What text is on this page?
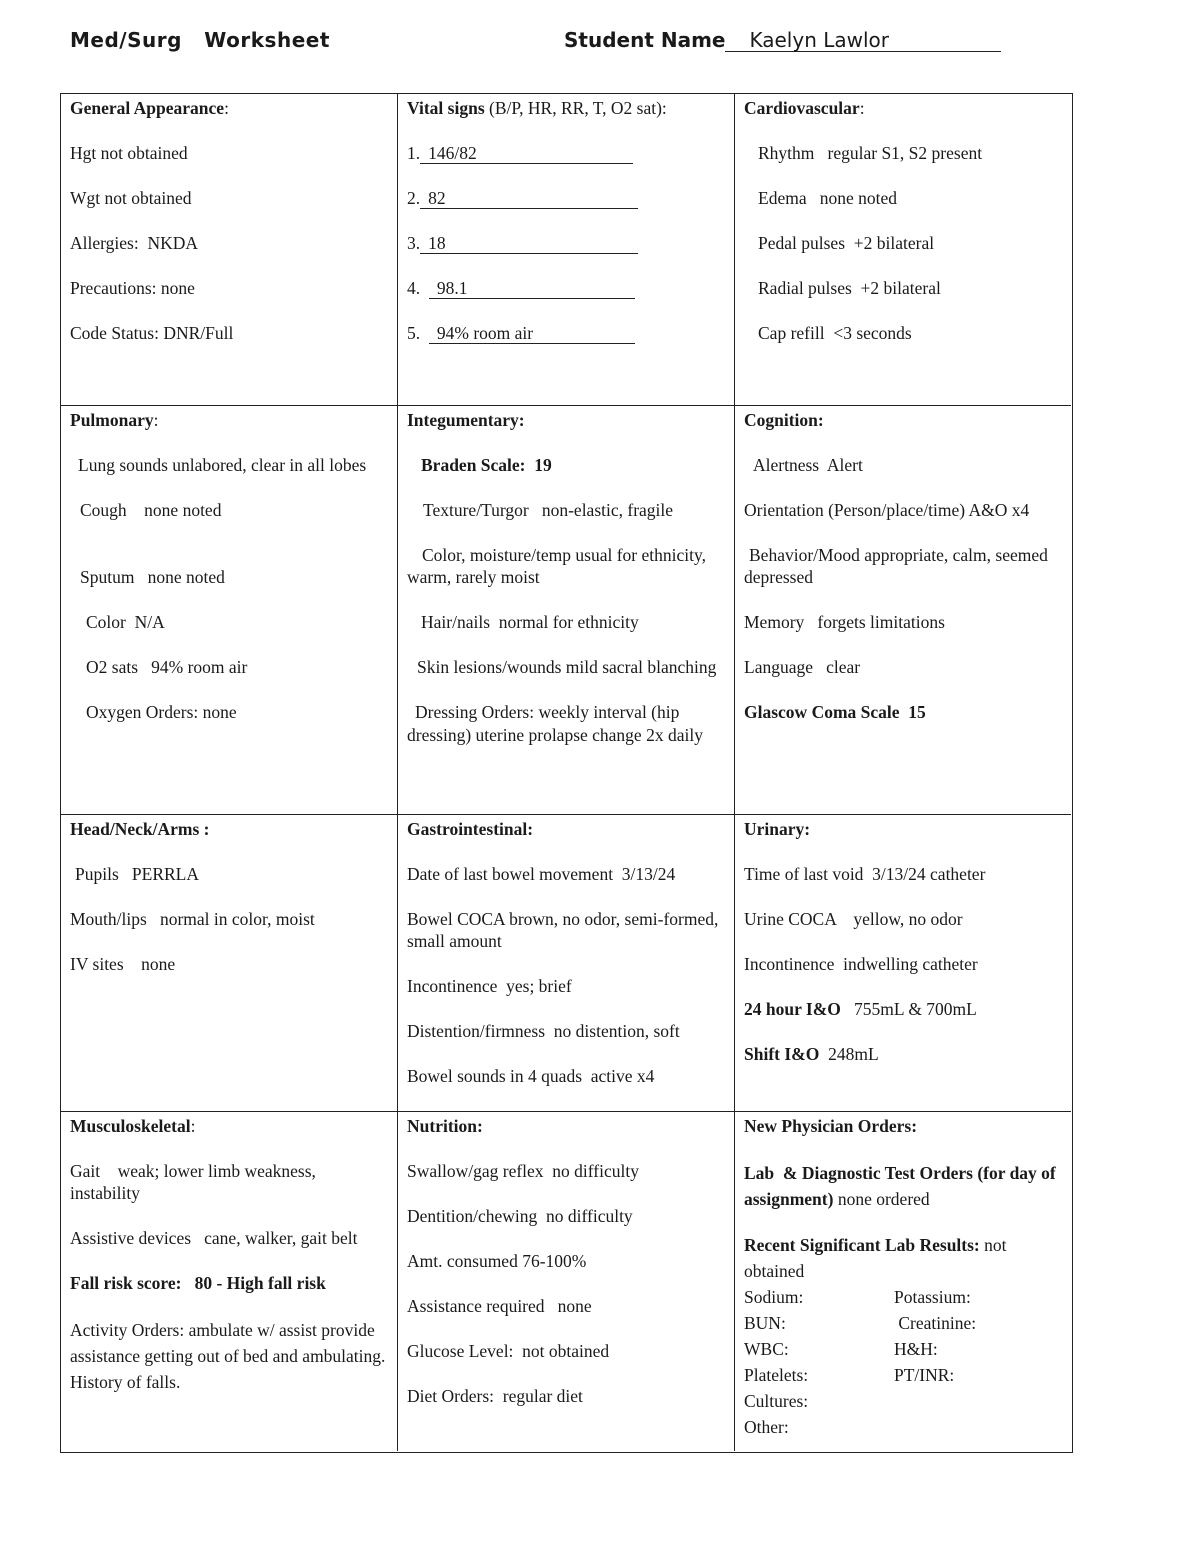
Med/Surg   Worksheet	Student Name Kaelyn Lawlor

General Appearance:

Hgt not obtained

Wgt not obtained

Allergies:  NKDA

Precautions: none

Code Status: DNR/Full

Vital signs (B/P, HR, RR, T, O2 sat):

1. 146/82

2. 82

3. 18

4. 98.1

5. 94% room air

Cardiovascular:

Rhythm   regular S1, S2 present

Edema   none noted

Pedal pulses  +2 bilateral

Radial pulses  +2 bilateral

Cap refill  <3 seconds

Pulmonary:

Lung sounds unlabored, clear in all lobes

Cough    none noted

Sputum   none noted

Color  N/A

O2 sats   94% room air

Oxygen Orders: none

Integumentary:

Braden Scale:  19

Texture/Turgor   non-elastic, fragile

Color, moisture/temp usual for ethnicity, warm, rarely moist

Hair/nails  normal for ethnicity

Skin lesions/wounds mild sacral blanching

Dressing Orders: weekly interval (hip dressing) uterine prolapse change 2x daily

Cognition:

Alertness  Alert

Orientation (Person/place/time) A&O x4

Behavior/Mood appropriate, calm, seemed depressed

Memory   forgets limitations

Language   clear

Glascow Coma Scale  15

Head/Neck/Arms :

Pupils   PERRLA

Mouth/lips   normal in color, moist

IV sites    none

Gastrointestinal:

Date of last bowel movement  3/13/24

Bowel COCA brown, no odor, semi-formed, small amount

Incontinence  yes; brief

Distention/firmness  no distention, soft

Bowel sounds in 4 quads  active x4

Urinary:

Time of last void  3/13/24 catheter

Urine COCA    yellow, no odor

Incontinence  indwelling catheter

24 hour I&O   755mL & 700mL

Shift I&O  248mL

Musculoskeletal:

Gait    weak; lower limb weakness, instability

Assistive devices   cane, walker, gait belt

Fall risk score:   80 - High fall risk

Activity Orders: ambulate w/ assist provide assistance getting out of bed and ambulating. History of falls.

Nutrition:

Swallow/gag reflex  no difficulty

Dentition/chewing  no difficulty

Amt. consumed 76-100%

Assistance required   none

Glucose Level:  not obtained

Diet Orders:  regular diet

New Physician Orders:

Lab  & Diagnostic Test Orders (for day of assignment) none ordered

Recent Significant Lab Results: not obtained

Sodium:	Potassium:
BUN:	Creatinine:
WBC:	H&H:
Platelets:	PT/INR:

Cultures:

Other:
